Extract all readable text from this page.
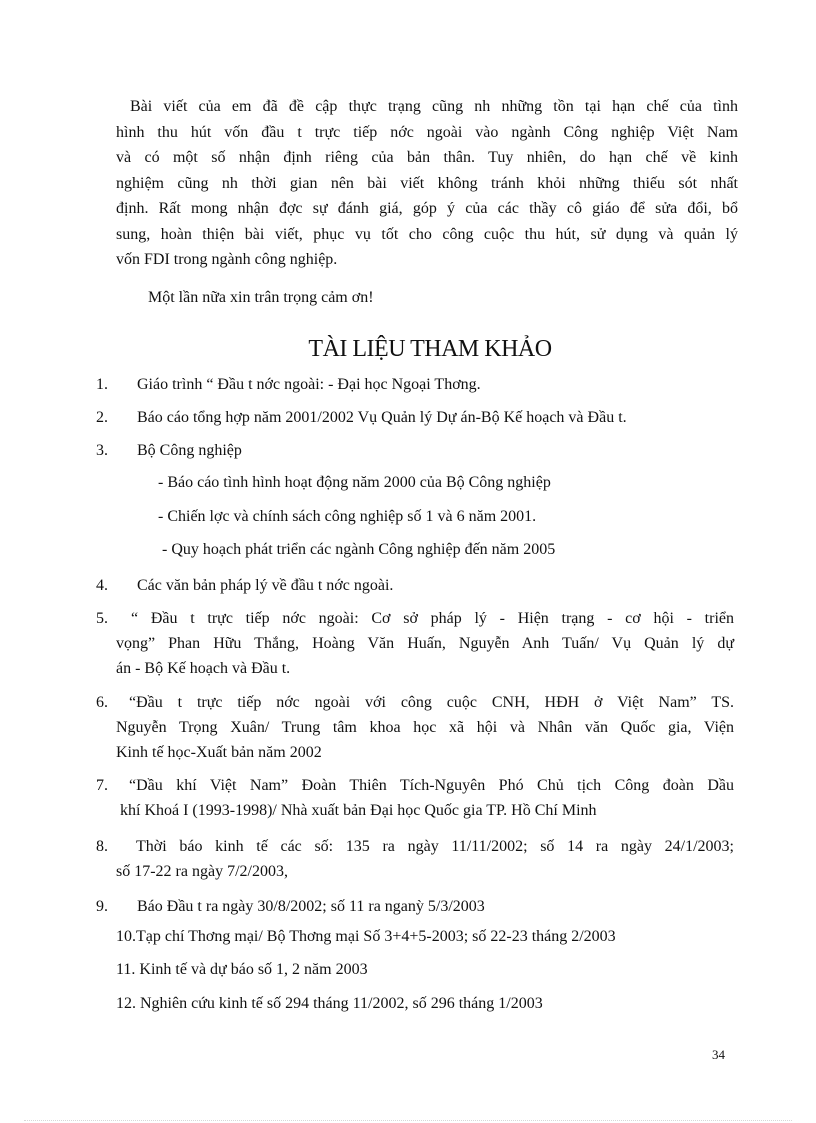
Bài viết của em đã đề cập thực trạng cũng nh những tồn tại hạn chế của tình
hình thu hút vốn đầu t trực tiếp nớc ngoài vào ngành Công nghiệp Việt Nam
và có một số nhận định riêng của bản thân. Tuy nhiên, do hạn chế về kinh
nghiệm cũng nh thời gian nên bài viết không tránh khỏi những thiếu sót nhất
định. Rất mong nhận đợc sự đánh giá, góp ý của các thầy cô giáo để sửa đổi, bổ
sung, hoàn thiện bài viết, phục vụ tốt cho công cuộc thu hút, sử dụng và quản lý
vốn FDI trong ngành công nghiệp.

Một lần nữa xin trân trọng cảm ơn!

TÀI LIỆU THAM KHẢO
1. Giáo trình “ Đầu t nớc ngoài: - Đại học Ngoại Thơng.
2. Báo cáo tổng hợp năm 2001/2002 Vụ Quản lý Dự án-Bộ Kế hoạch và Đầu t.
3. Bộ Công nghiệp

- Báo cáo tình hình hoạt động năm 2000 của Bộ Công nghiệp

- Chiến lợc và chính sách công nghiệp số 1 và 6 năm 2001.

- Quy hoạch phát triển các ngành Công nghiệp đến năm 2005

4. Các văn bản pháp lý về đầu t nớc ngoài.
5.	“ Đầu t trực tiếp nớc ngoài: Cơ sở pháp lý - Hiện trạng - cơ hội - triển
vọng” Phan Hữu Thắng, Hoàng Văn Huấn, Nguyễn Anh Tuấn/ Vụ Quản lý dự
án - Bộ Kế hoạch và Đầu t.
6.	“Đầu t trực tiếp nớc ngoài với công cuộc CNH, HĐH ở Việt Nam” TS.
Nguyễn Trọng Xuân/ Trung tâm khoa học xã hội và Nhân văn Quốc gia, Viện
Kinh tế học-Xuất bản năm 2002
7.	“Dầu khí Việt Nam” Đoàn Thiên Tích-Nguyên Phó Chủ tịch Công đoàn Dầu
khí Khoá I (1993-1998)/ Nhà xuất bản Đại học Quốc gia TP. Hồ Chí Minh
8.	Thời báo kinh tế các số: 135 ra ngày 11/11/2002; số 14 ra ngày 24/1/2003;
số 17-22 ra ngày 7/2/2003,
9. Báo Đầu t ra ngày 30/8/2002; số 11 ra nganỳ 5/3/2003

10.Tạp chí Thơng mại/ Bộ Thơng mại Số 3+4+5-2003; số 22-23 tháng 2/2003

11. Kinh tế và dự báo số 1, 2 năm 2003

12. Nghiên cứu kinh tế số 294 tháng 11/2002, số 296 tháng 1/2003

34
